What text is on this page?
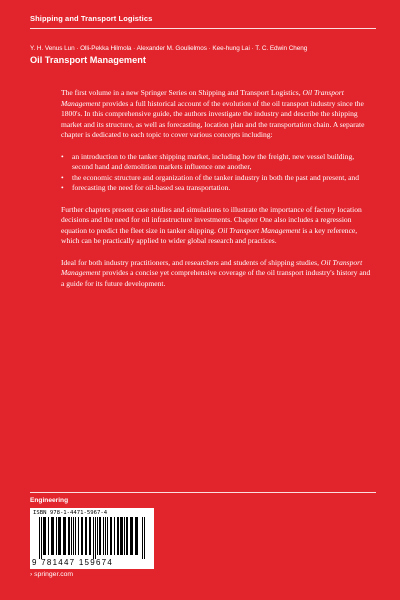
Shipping and Transport Logistics
Y. H. Venus Lun · Olli-Pekka Hilmola · Alexander M. Goulielmos · Kee-hung Lai · T. C. Edwin Cheng
Oil Transport Management

The first volume in a new Springer Series on Shipping and Transport Logistics, Oil Transport Management provides a full historical account of the evolution of the oil transport industry since the 1800's. In this comprehensive guide, the authors investigate the industry and describe the shipping market and its structure, as well as forecasting, location plan and the transportation chain. A separate chapter is dedicated to each topic to cover various concepts including:

• an introduction to the tanker shipping market, including how the freight, new vessel building, second hand and demolition markets influence one another,
• the economic structure and organization of the tanker industry in both the past and present, and
• forecasting the need for oil-based sea transportation.

Further chapters present case studies and simulations to illustrate the importance of factory location decisions and the need for oil infrastructure investments. Chapter One also includes a regression equation to predict the fleet size in tanker shipping. Oil Transport Management is a key reference, which can be practically applied to wider global research and practices.

Ideal for both industry practitioners, and researchers and students of shipping studies, Oil Transport Management provides a concise yet comprehensive coverage of the oil transport industry's history and a guide for its future development.

Engineering
ISBN 978-1-4471-5967-4
9 781447 159674
› springer.com
